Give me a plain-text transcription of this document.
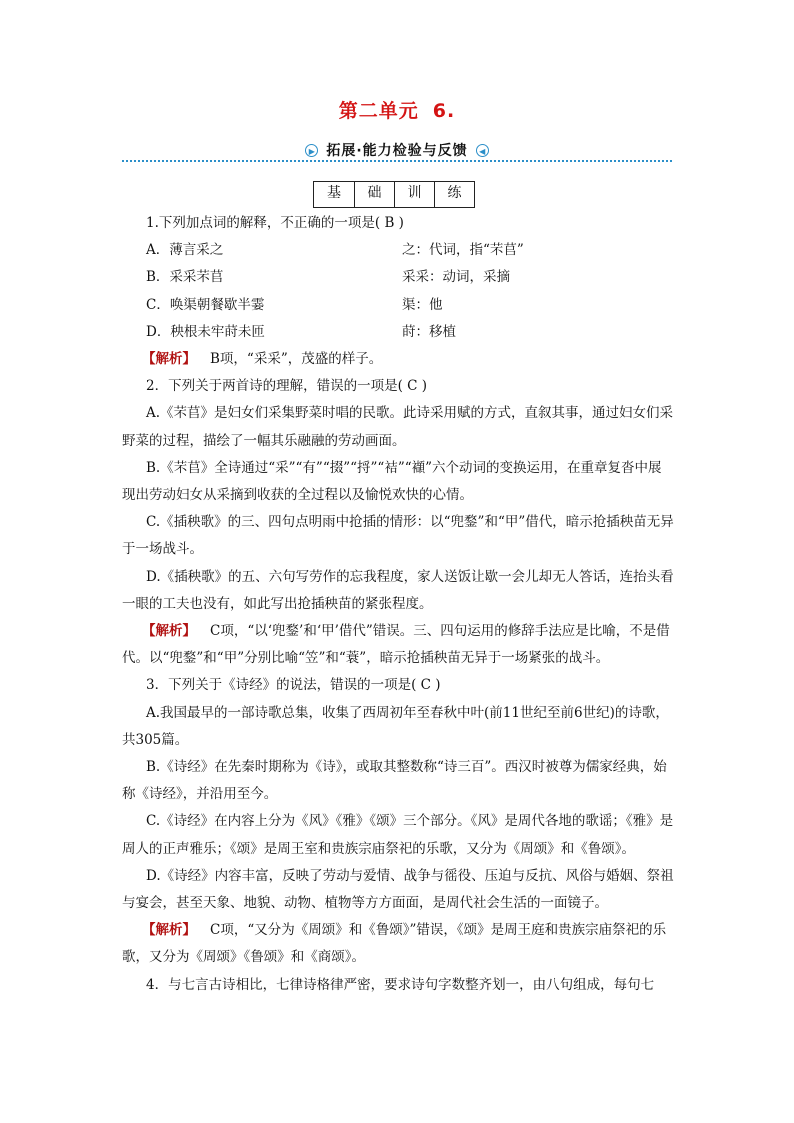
第二单元 6.
▶ 拓展·能力检验与反馈	◀
基	础	训	练

1.下列加点词的解释，不正确的一项是( B )

A．薄言采之	之：代词，指“芣苢”

B．采采芣苢	采采：动词，采摘

C．唤渠朝餐歇半霎	渠：他

D．秧根未牢莳未匝	莳：移植

【解析】 B项，“采采”，茂盛的样子。

2．下列关于两首诗的理解，错误的一项是( C )

A.《芣苢》是妇女们采集野菜时唱的民歌。此诗采用赋的方式，直叙其事，通过妇女们采野菜的过程，描绘了一幅其乐融融的劳动画面。

B.《芣苢》全诗通过“采”“有”“掇”“捋”“袺”“襭”六个动词的变换运用，在重章复沓中展现出劳动妇女从采摘到收获的全过程以及愉悦欢快的心情。

C.《插秧歌》的三、四句点明雨中抢插的情形：以“兜鍪”和“甲”借代，暗示抢插秧苗无异于一场战斗。

D.《插秧歌》的五、六句写劳作的忘我程度，家人送饭让歇一会儿却无人答话，连抬头看一眼的工夫也没有，如此写出抢插秧苗的紧张程度。

【解析】 C项，“以‘兜鍪’和‘甲’借代”错误。三、四句运用的修辞手法应是比喻，不是借代。以“兜鍪”和“甲”分别比喻“笠”和“蓑”，暗示抢插秧苗无异于一场紧张的战斗。

3．下列关于《诗经》的说法，错误的一项是( C )

A.我国最早的一部诗歌总集，收集了西周初年至春秋中叶(前11世纪至前6世纪)的诗歌，共305篇。

B.《诗经》在先秦时期称为《诗》，或取其整数称“诗三百”。西汉时被尊为儒家经典，始称《诗经》，并沿用至今。

C.《诗经》在内容上分为《风》《雅》《颂》三个部分。《风》是周代各地的歌谣；《雅》是周人的正声雅乐；《颂》是周王室和贵族宗庙祭祀的乐歌，又分为《周颂》和《鲁颂》。

D.《诗经》内容丰富，反映了劳动与爱情、战争与徭役、压迫与反抗、风俗与婚姻、祭祖与宴会，甚至天象、地貌、动物、植物等方方面面，是周代社会生活的一面镜子。

【解析】 C项，“又分为《周颂》和《鲁颂》”错误，《颂》是周王庭和贵族宗庙祭祀的乐歌，又分为《周颂》《鲁颂》和《商颂》。

4．与七言古诗相比，七律诗格律严密，要求诗句字数整齐划一，由八句组成，每句七
